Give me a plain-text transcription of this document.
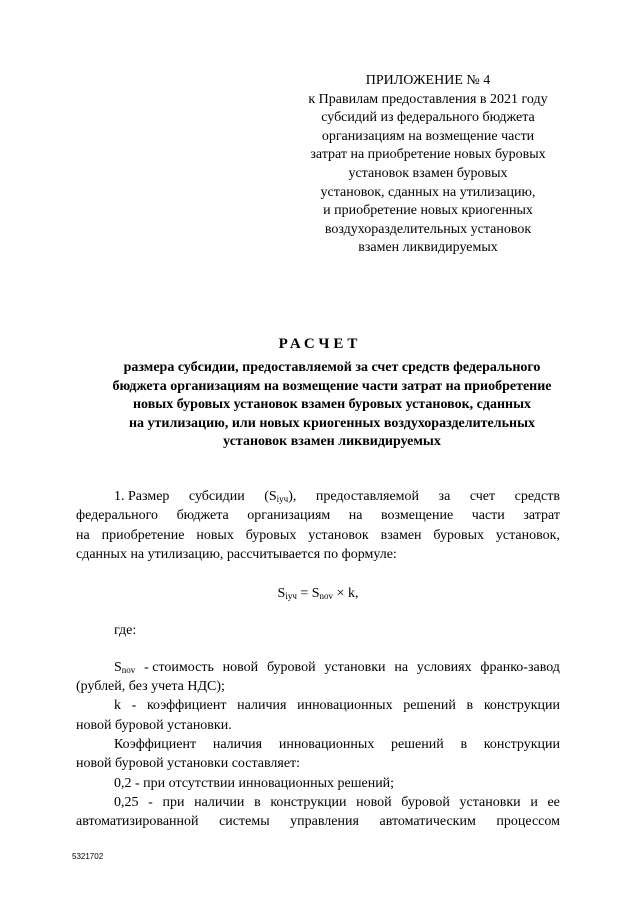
ПРИЛОЖЕНИЕ № 4
к Правилам предоставления в 2021 году
субсидий из федерального бюджета
организациям на возмещение части
затрат на приобретение новых буровых
установок взамен буровых
установок, сданных на утилизацию,
и приобретение новых криогенных
воздухоразделительных установок
взамен ликвидируемых
РАСЧЕТ
размера субсидии, предоставляемой за счет средств федерального
бюджета организациям на возмещение части затрат на приобретение
новых буровых установок взамен буровых установок, сданных
на утилизацию, или новых криогенных воздухоразделительных
установок взамен ликвидируемых
1. Размер субсидии $(S_{iуч})$, предоставляемой за счет средств
федерального бюджета организациям на возмещение части затрат
на приобретение новых буровых установок взамен буровых установок,
сданных на утилизацию, рассчитывается по формуле:
$S_{iуч} = S_{nov} \times k$,
где:
$S_{nov}$ - стоимость новой буровой установки на условиях франко-завод
(рублей, без учета НДС);
k - коэффициент наличия инновационных решений в конструкции
новой буровой установки.
Коэффициент наличия инновационных решений в конструкции
новой буровой установки составляет:
0,2 - при отсутствии инновационных решений;
0,25 - при наличии в конструкции новой буровой установки и ее
автоматизированной системы управления автоматическим процессом
5321702
